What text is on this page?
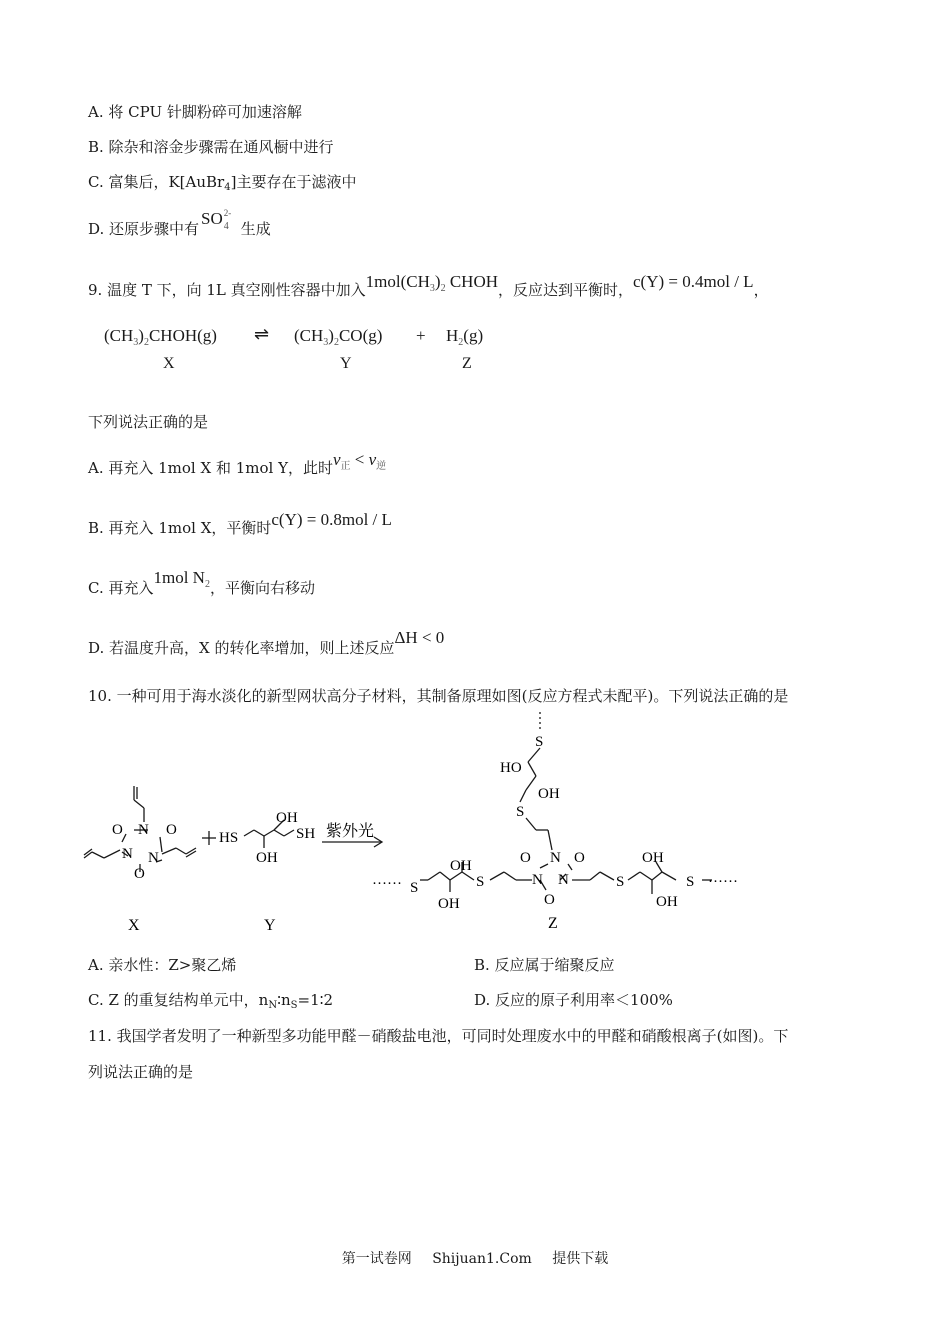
A. 将 CPU 针脚粉碎可加速溶解
B. 除杂和溶金步骤需在通风橱中进行
C. 富集后，K[AuBr$_4$]主要存在于滤液中
D. 还原步骤中有SO 2-
4 生成
9. 温度 T 下，向 1L 真空刚性容器中加入$1mol(CH_3)_2$ CHOH，反应达到平衡时，c(Y) = 0.4mol / L，
$(CH_3)_2CHOH(g)$ ⇌ $(CH_3)_2CO(g) + H_2(g)$
X	Y	Z
下列说法正确的是
A. 再充入 1mol X 和 1mol Y，此时$v_正 < v_逆$
B. 再充入 1mol X，平衡时c(Y) = 0.8mol / L
C. 再充入1mol $N_2$，平衡向右移动
D. 若温度升高，X 的转化率增加，则上述反应ΔH < 0
10. 一种可用于海水淡化的新型网状高分子材料，其制备原理如图(反应方程式未配平)。下列说法正确的是
O N O
N N
O
X
HS	SH
OH
OH
Y
紫外光
S
HO
OH
S
O N O
N N
O
S
OH
OH
S
······	S
OH
OH
S ······
Z
A. 亲水性：Z>聚乙烯	B. 反应属于缩聚反应
C. Z 的重复结构单元中，$n_N∶n_S=1∶2$	D. 反应的原子利用率＜100%
11. 我国学者发明了一种新型多功能甲醛－硝酸盐电池，可同时处理废水中的甲醛和硝酸根离子(如图)。下
列说法正确的是
第一试卷网 Shijuan1.Com 提供下载
